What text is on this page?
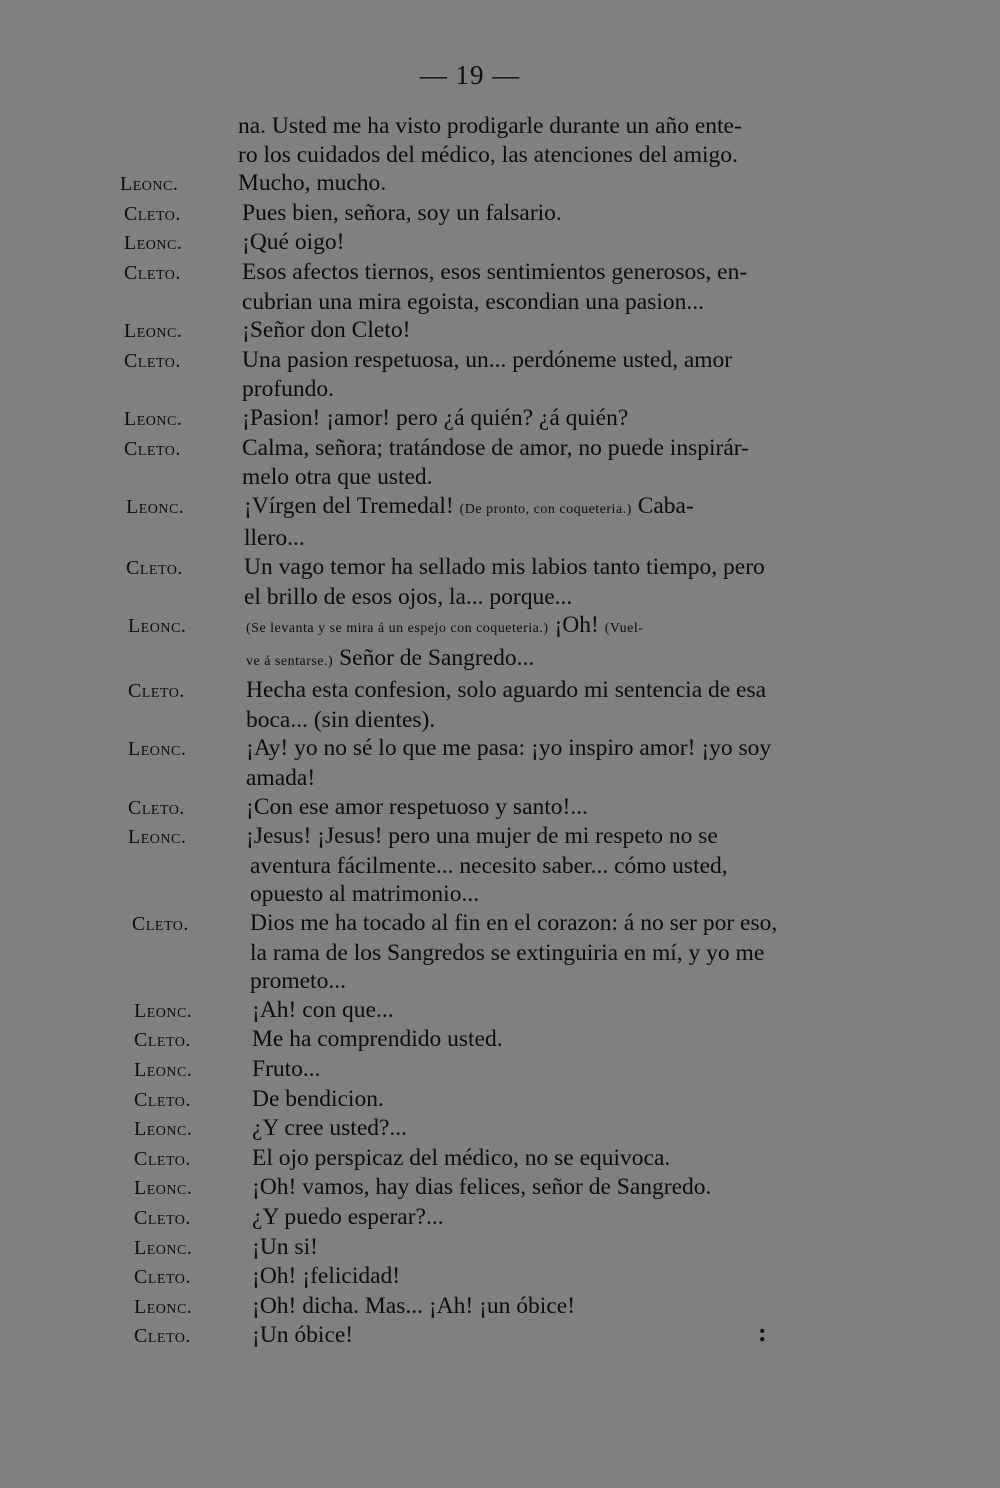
— 19 —
na. Usted me ha visto prodigarle durante un año ente-
ro los cuidados del médico, las atenciones del amigo.
Leonc.	Mucho, mucho.
Cleto.	Pues bien, señora, soy un falsario.
Leonc.	¡Qué oigo!
Cleto.	Esos afectos tiernos, esos sentimientos generosos, en-
cubrian una mira egoista, escondian una pasion...
Leonc.	¡Señor don Cleto!
Cleto.	Una pasion respetuosa, un... perdóneme usted, amor
profundo.
Leonc.	¡Pasion! ¡amor! pero ¿á quién? ¿á quién?
Cleto.	Calma, señora; tratándose de amor, no puede inspirár-
melo otra que usted.
Leonc.	¡Vírgen del Tremedal! (De pronto, con coqueteria.) Caba-
llero...
Cleto.	Un vago temor ha sellado mis labios tanto tiempo, pero
el brillo de esos ojos, la... porque...
Leonc.	(Se levanta y se mira á un espejo con coqueteria.) ¡Oh! (Vuel-
ve á sentarse.) Señor de Sangredo...
Cleto.	Hecha esta confesion, solo aguardo mi sentencia de esa
boca... (sin dientes).
Leonc.	¡Ay! yo no sé lo que me pasa: ¡yo inspiro amor! ¡yo soy
amada!
Cleto.	¡Con ese amor respetuoso y santo!...
Leonc.	¡Jesus! ¡Jesus! pero una mujer de mi respeto no se
aventura fácilmente... necesito saber... cómo usted,
opuesto al matrimonio...
Cleto.	Dios me ha tocado al fin en el corazon: á no ser por eso,
la rama de los Sangredos se extinguiria en mí, y yo me
prometo...
Leonc.	¡Ah! con que...
Cleto.	Me ha comprendido usted.
Leonc.	Fruto...
Cleto.	De bendicion.
Leonc.	¿Y cree usted?...
Cleto.	El ojo perspicaz del médico, no se equivoca.
Leonc.	¡Oh! vamos, hay dias felices, señor de Sangredo.
Cleto.	¿Y puedo esperar?...
Leonc.	¡Un si!
Cleto.	¡Oh! ¡felicidad!
Leonc.	¡Oh! dicha. Mas... ¡Ah! ¡un óbice!
Cleto.	¡Un óbice!	:
